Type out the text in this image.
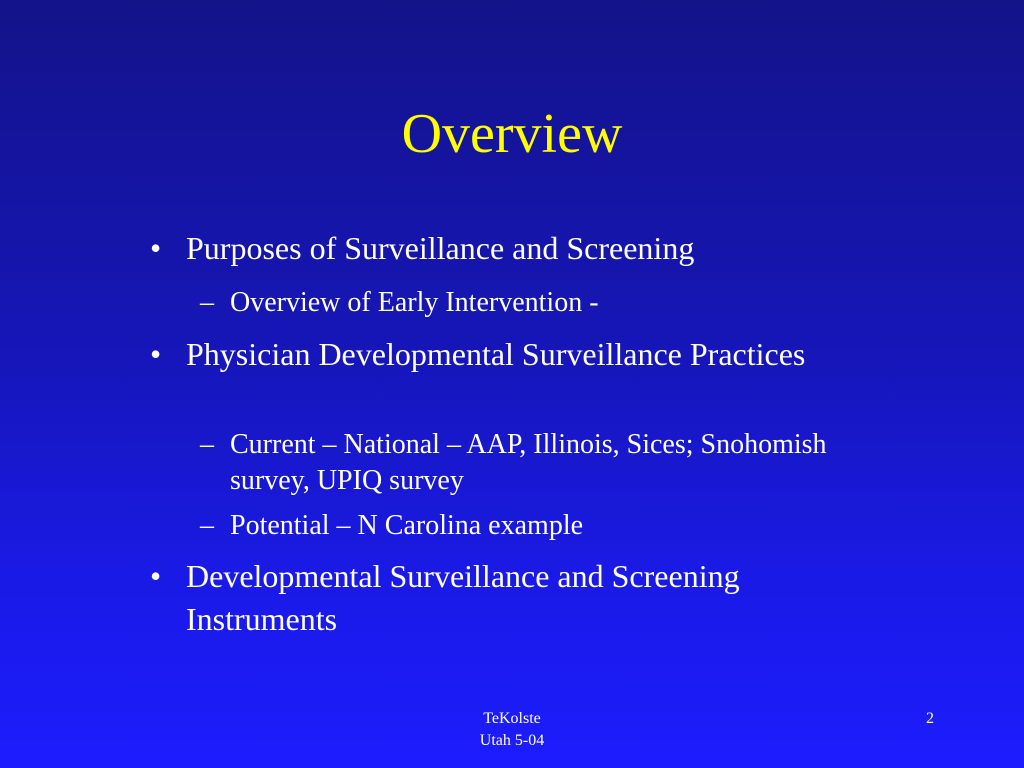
Overview
• Purposes of Surveillance and Screening
– Overview of Early Intervention -
• Physician Developmental Surveillance Practices
– Current – National – AAP, Illinois, Sices; Snohomish survey, UPIQ survey
– Potential – N Carolina example
• Developmental Surveillance and Screening Instruments
TeKolste
Utah 5-04
2
